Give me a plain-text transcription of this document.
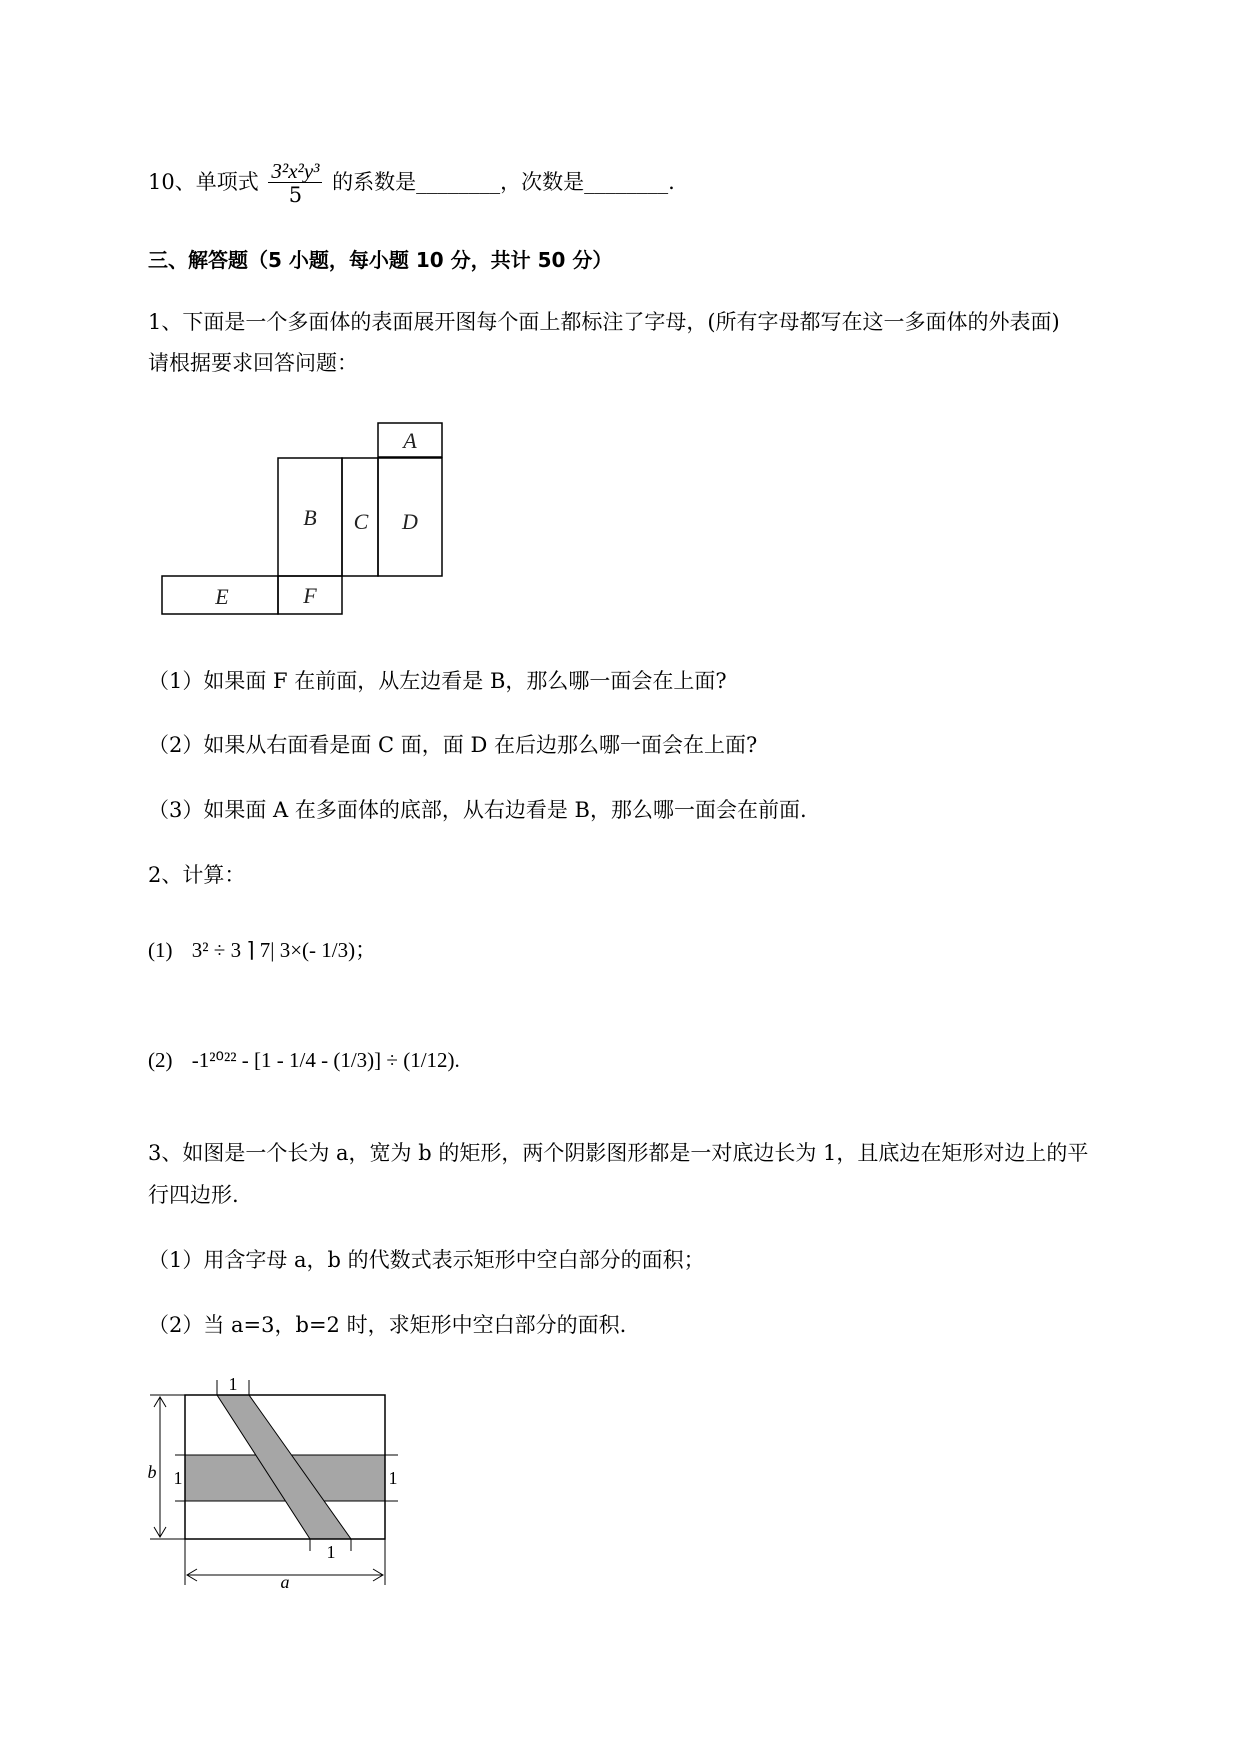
10、单项式 $\frac{\text{3²x²y³}}{5}$ 的系数是________，次数是________.
三、解答题（5 小题，每小题 10 分，共计 50 分）
1、下面是一个多面体的表面展开图每个面上都标注了字母，(所有字母都写在这一多面体的外表面)
请根据要求回答问题：
A
B C D
E	F
（1）如果面 F 在前面，从左边看是 B，那么哪一面会在上面?
（2）如果从右面看是面 C 面，面 D 在后边那么哪一面会在上面?
（3）如果面 A 在多面体的底部，从右边看是 B，那么哪一面会在前面.
2、计算：
(1) 3² ÷ 3 ⌉ 7| 3×(- 1/3)；
(2) -1²⁰²² - [1 - 1/4 - (1/3)] ÷ (1/12).
3、如图是一个长为 a，宽为 b 的矩形，两个阴影图形都是一对底边长为 1，且底边在矩形对边上的平
行四边形.
（1）用含字母 a，b 的代数式表示矩形中空白部分的面积；
（2）当 a=3，b=2 时，求矩形中空白部分的面积.
1
b 1	1
1
a
